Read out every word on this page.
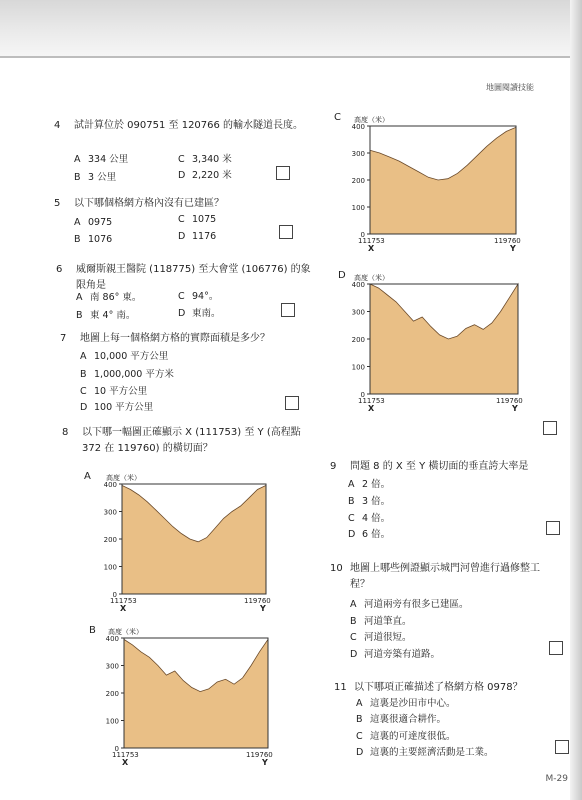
地圖閱讀技能
4	試計算位於 090751 至 120766 的輸水隧道長度。
A 334 公里	C 3,340 米
B 3 公里	D 2,220 米
5	以下哪個格網方格內沒有已建區？
A 0975	C 1075
B 1076	D 1176
6	威爾斯親王醫院 (118775) 至大會堂 (106776) 的象限角是
A 南 86° 東。	C 94°。
B 東 4° 南。	D 東南。
7	地圖上每一個格網方格的實際面積是多少？
A 10,000 平方公里
B 1,000,000 平方米
C 10 平方公里
D 100 平方公里
8	以下哪一幅圖正確顯示 X (111753) 至 Y (高程點 372 在 119760) 的橫切面？
A
B
C
D
0
100
200
300
400
高度（米）
111753	119760
X	Y
0
100
200
300
400
高度（米）
111753	119760
X	Y
0
100
200
300
400
高度（米）
111753	119760
X	Y
0
100
200
300
400
高度（米）
111753	119760
X	Y
9	問題 8 的 X 至 Y 橫切面的垂直誇大率是
A 2 倍。
B 3 倍。
C 4 倍。
D 6 倍。
10 地圖上哪些例證顯示城門河曾進行過修整工程？
A 河道兩旁有很多已建區。
B 河道筆直。
C 河道很短。
D 河道旁築有道路。
11 以下哪項正確描述了格網方格 0978？
A 這裏是沙田市中心。
B 這裏很適合耕作。
C 這裏的可達度很低。
D 這裏的主要經濟活動是工業。
M-29
